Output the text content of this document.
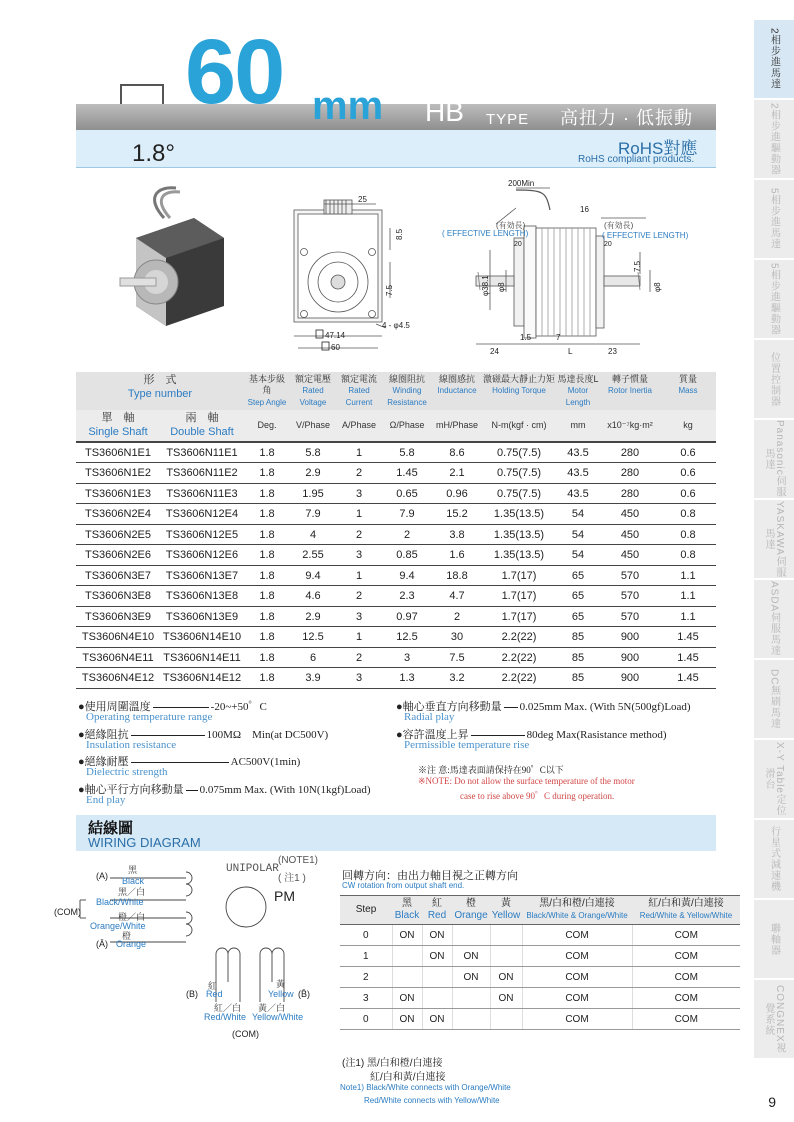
60 mm HB TYPE 高扭力 · 低振動
1.8°	RoHS對應
RoHS compliant products.
25
8.5
7.5
47.14
60
4 - φ4.5
200Min
16
(有効長)
( EFFECTIVE LENGTH)
20
(有効長)
( EFFECTIVE LENGTH)
20
7.5
φ38.1 φ8	φ8
1.5	7
24	L	23
形　式
Type number		基本步級角
Step Angle	額定電壓
Rated Voltage	額定電流
Rated Current	線圈阻抗
Winding Resistance	線圈感抗
Inductance	激磁最大靜止力矩
Holding Torque	馬達長度L
Motor Length	轉子慣量
Rotor Inertia	質量
Mass
單　軸
Single Shaft	兩　軸
Double Shaft	Deg.	V/Phase	A/Phase	Ω/Phase	mH/Phase	N-m(kgf · cm)	mm	x10⁻⁷kg·m²	kg
TS3606N1E1	TS3606N11E1	1.8	5.8	1	5.8	8.6	0.75(7.5)	43.5	280	0.6
TS3606N1E2	TS3606N11E2	1.8	2.9	2	1.45	2.1	0.75(7.5)	43.5	280	0.6
TS3606N1E3	TS3606N11E3	1.8	1.95	3	0.65	0.96	0.75(7.5)	43.5	280	0.6
TS3606N2E4	TS3606N12E4	1.8	7.9	1	7.9	15.2	1.35(13.5)	54	450	0.8
TS3606N2E5	TS3606N12E5	1.8	4	2	2	3.8	1.35(13.5)	54	450	0.8
TS3606N2E6	TS3606N12E6	1.8	2.55	3	0.85	1.6	1.35(13.5)	54	450	0.8
TS3606N3E7	TS3606N13E7	1.8	9.4	1	9.4	18.8	1.7(17)	65	570	1.1
TS3606N3E8	TS3606N13E8	1.8	4.6	2	2.3	4.7	1.7(17)	65	570	1.1
TS3606N3E9	TS3606N13E9	1.8	2.9	3	0.97	2	1.7(17)	65	570	1.1
TS3606N4E10	TS3606N14E10	1.8	12.5	1	12.5	30	2.2(22)	85	900	1.45
TS3606N4E11	TS3606N14E11	1.8	6	2	3	7.5	2.2(22)	85	900	1.45
TS3606N4E12	TS3606N14E12	1.8	3.9	3	1.3	3.2	2.2(22)	85	900	1.45
●使用周圍溫度	-20~+50゜C
Operating temperature range
●絕緣阻抗	100MΩ　Min(at DC500V)
Insulation resistance
●絕緣耐壓	AC500V(1min)
Dielectric strength
●軸心平行方向移動量 0.075mm Max. (With 10N(1kgf)Load)
End play
●軸心垂直方向移動量 0.025mm Max. (With 5N(500gf)Load)
Radial play
●容許溫度上昇	80deg Max(Rasistance method)
Permissible temperature rise
※注 意:馬達表面請保持在90゜C以下
※NOTE: Do not allow the surface temperature of the motor
case to rise above 90゜C during operation.
結線圖
WIRING DIAGRAM
PM
UNIPOLAR
(NOTE1)
( 注1 )
(A)
黑
Black
黑／白
Black/White
(COM)	橙／白
Orange/White
橙
(Ā) Orange
紅
(B) Red
黃
Yellow (B̄)
紅／白
Red/White
黃／白
Yellow/White
(COM)
回轉方向：由出力軸目視之正轉方向
CW rotation from output shaft end.
Step	黑
Black	紅
Red	橙
Orange	黃
Yellow	黑/白和橙/白連接
Black/White & Orange/White	紅/白和黃/白連接
Red/White & Yellow/White
0	ON	ON			COM	COM
1		ON	ON		COM	COM
2			ON	ON	COM	COM
3	ON			ON	COM	COM
0	ON	ON			COM	COM
(注1) 黑/白和橙/白連接
紅/白和黃/白連接
Note1) Black/White connects with Orange/White
Red/White connects with Yellow/White
2相步進馬達
2相步進驅動器
5相步進馬達
5相步進驅動器
位置控制器
Panasonic伺服馬達
YASKAWA伺服馬達
ASDA伺服馬達
DC無刷馬達
X-Y Table定位滑台
行星式減速機
聯軸器
CONGNEX視覺系統
9
